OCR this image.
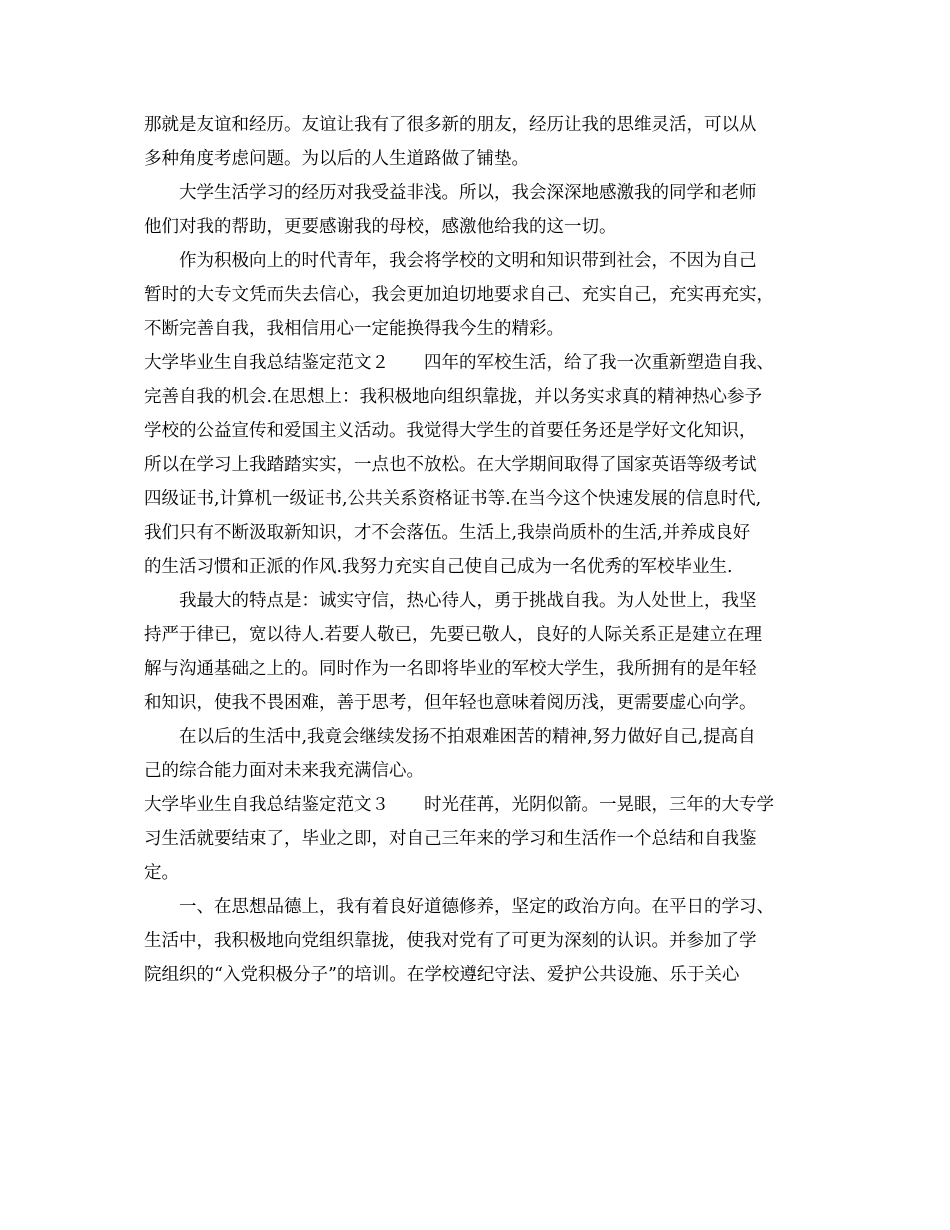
那就是友谊和经历。友谊让我有了很多新的朋友，经历让我的思维灵活，可以从
多种角度考虑问题。为以后的人生道路做了铺垫。
　　大学生活学习的经历对我受益非浅。所以，我会深深地感激我的同学和老师
他们对我的帮助，更要感谢我的母校，感激他给我的这一切。
　　作为积极向上的时代青年，我会将学校的文明和知识带到社会，不因为自己
暂时的大专文凭而失去信心，我会更加迫切地要求自己、充实自己，充实再充实，
不断完善自我，我相信用心一定能换得我今生的精彩。
大学毕业生自我总结鉴定范文２　　四年的军校生活，给了我一次重新塑造自我、
完善自我的机会.在思想上：我积极地向组织靠拢，并以务实求真的精神热心参予
学校的公益宣传和爱国主义活动。我觉得大学生的首要任务还是学好文化知识，
所以在学习上我踏踏实实，一点也不放松。在大学期间取得了国家英语等级考试
四级证书,计算机一级证书,公共关系资格证书等.在当今这个快速发展的信息时代,
我们只有不断汲取新知识，才不会落伍。生活上,我崇尚质朴的生活,并养成良好
的生活习惯和正派的作风.我努力充实自己使自己成为一名优秀的军校毕业生.
　　我最大的特点是：诚实守信，热心待人，勇于挑战自我。为人处世上，我坚
持严于律已，宽以待人.若要人敬已，先要已敬人，良好的人际关系正是建立在理
解与沟通基础之上的。同时作为一名即将毕业的军校大学生，我所拥有的是年轻
和知识，使我不畏困难，善于思考，但年轻也意味着阅历浅，更需要虚心向学。
　　在以后的生活中,我竟会继续发扬不拍艰难困苦的精神,努力做好自己,提高自
己的综合能力面对未来我充满信心。
大学毕业生自我总结鉴定范文３　　时光荏苒，光阴似箭。一晃眼，三年的大专学
习生活就要结束了，毕业之即，对自己三年来的学习和生活作一个总结和自我鉴
定。
　　一、在思想品德上，我有着良好道德修养，坚定的政治方向。在平日的学习、
生活中，我积极地向党组织靠拢，使我对党有了可更为深刻的认识。并参加了学
院组织的“入党积极分子”的培训。在学校遵纪守法、爱护公共设施、乐于关心
